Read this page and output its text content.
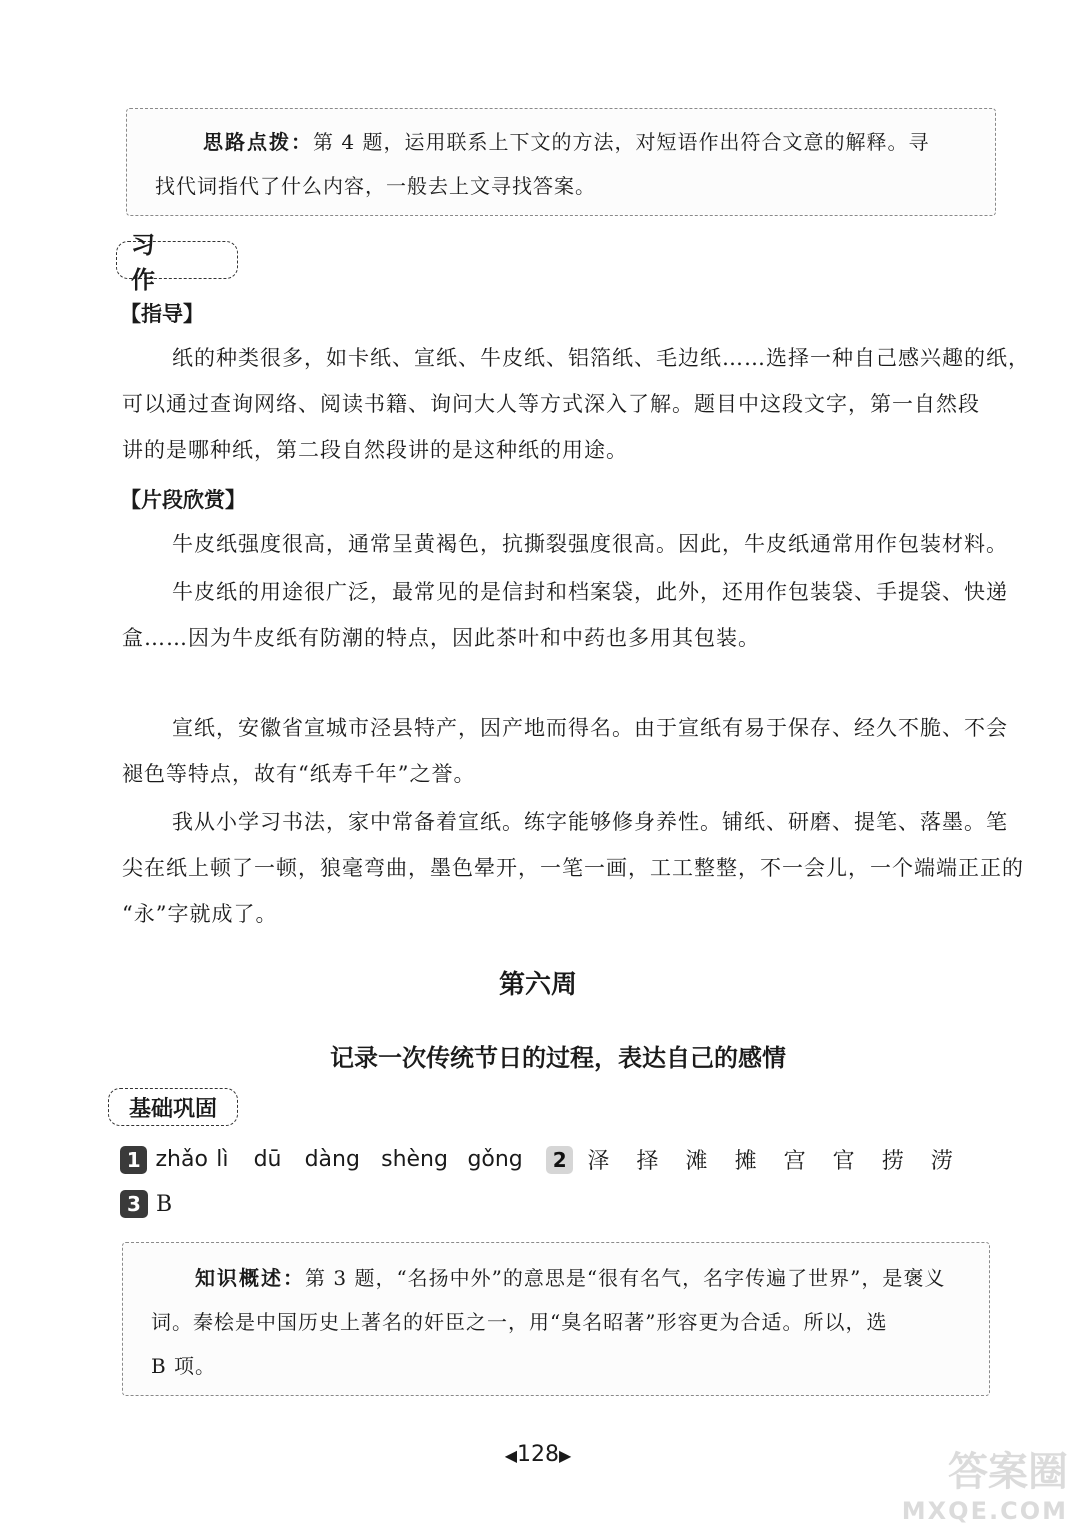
思路点拨：第 4 题，运用联系上下文的方法，对短语作出符合文意的解释。寻
找代词指代了什么内容，一般去上文寻找答案。
习 作
【指导】
纸的种类很多，如卡纸、宣纸、牛皮纸、铝箔纸、毛边纸……选择一种自己感兴趣的纸，
可以通过查询网络、阅读书籍、询问大人等方式深入了解。题目中这段文字，第一自然段
讲的是哪种纸，第二段自然段讲的是这种纸的用途。
【片段欣赏】
牛皮纸强度很高，通常呈黄褐色，抗撕裂强度很高。因此，牛皮纸通常用作包装材料。
牛皮纸的用途很广泛，最常见的是信封和档案袋，此外，还用作包装袋、手提袋、快递
盒……因为牛皮纸有防潮的特点，因此茶叶和中药也多用其包装。
宣纸，安徽省宣城市泾县特产，因产地而得名。由于宣纸有易于保存、经久不脆、不会
褪色等特点，故有“纸寿千年”之誉。
我从小学习书法，家中常备着宣纸。练字能够修身养性。铺纸、研磨、提笔、落墨。笔
尖在纸上顿了一顿，狼毫弯曲，墨色晕开，一笔一画，工工整整，不一会儿，一个端端正正的
“永”字就成了。
第六周
记录一次传统节日的过程，表达自己的感情
基础巩固
1 zhǎo lì	dū	dàng shèng gǒng	2 泽	择	滩	摊	宫	官	捞	涝
3 B
知识概述：第 3 题，“名扬中外”的意思是“很有名气，名字传遍了世界”，是褒义
词。秦桧是中国历史上著名的奸臣之一，用“臭名昭著”形容更为合适。所以，选
B 项。
◀128▶	答案圈
MXQE.COM
